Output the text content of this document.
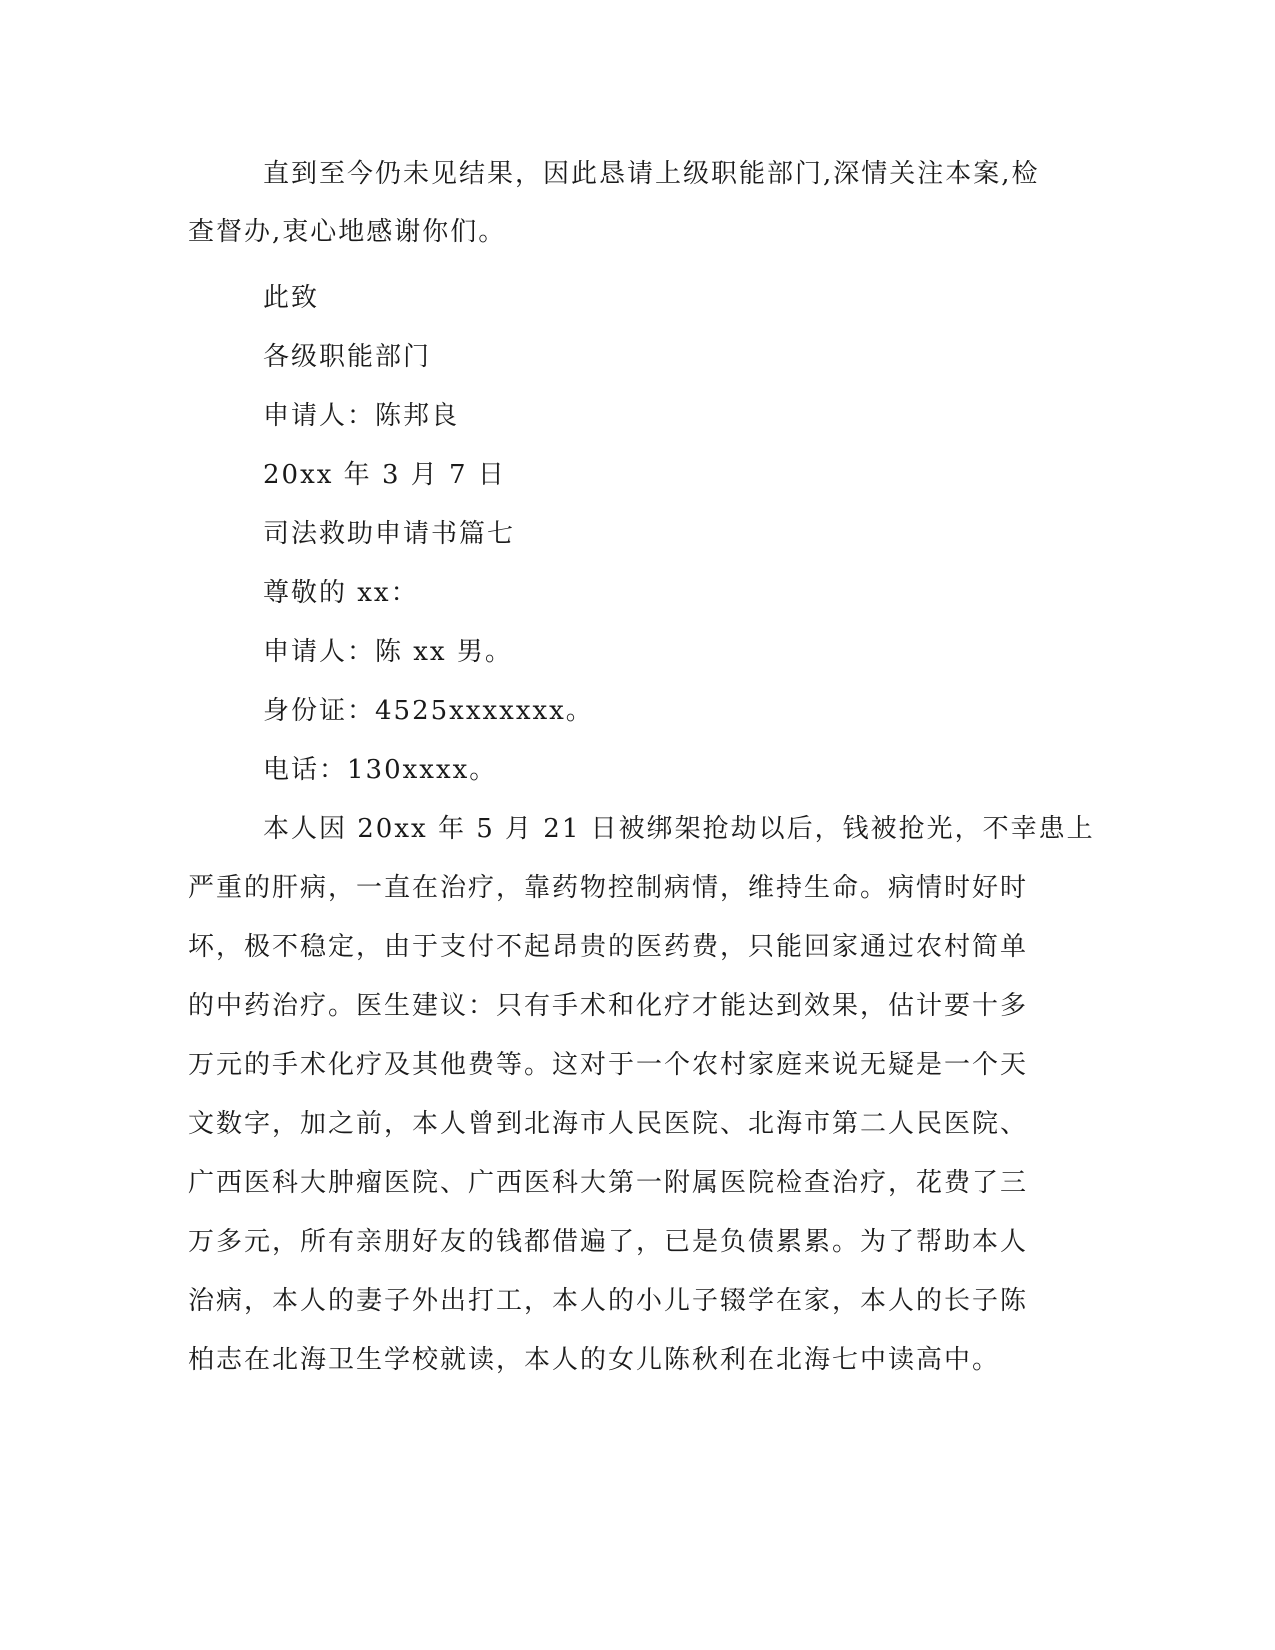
直到至今仍未见结果，因此恳请上级职能部门,深情关注本案,检
查督办,衷心地感谢你们。
此致
各级职能部门
申请人：陈邦良
20xx 年 3 月 7 日
司法救助申请书篇七
尊敬的 xx：
申请人：陈 xx 男。
身份证：4525xxxxxxx。
电话：130xxxx。
本人因 20xx 年 5 月 21 日被绑架抢劫以后，钱被抢光，不幸患上
严重的肝病，一直在治疗，靠药物控制病情，维持生命。病情时好时
坏，极不稳定，由于支付不起昂贵的医药费，只能回家通过农村简单
的中药治疗。医生建议：只有手术和化疗才能达到效果，估计要十多
万元的手术化疗及其他费等。这对于一个农村家庭来说无疑是一个天
文数字，加之前，本人曾到北海市人民医院、北海市第二人民医院、
广西医科大肿瘤医院、广西医科大第一附属医院检查治疗，花费了三
万多元，所有亲朋好友的钱都借遍了，已是负债累累。为了帮助本人
治病，本人的妻子外出打工，本人的小儿子辍学在家，本人的长子陈
柏志在北海卫生学校就读，本人的女儿陈秋利在北海七中读高中。
